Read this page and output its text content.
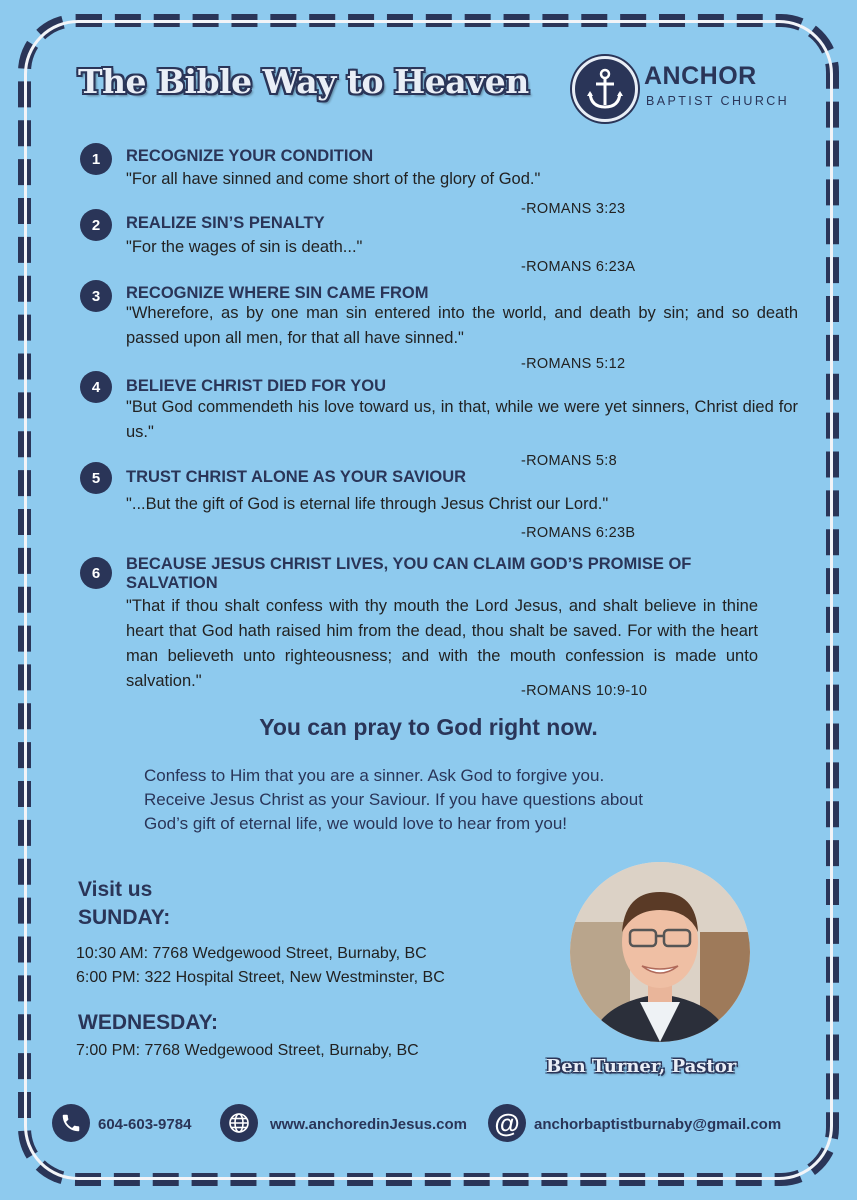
The Bible Way to Heaven	ANCHOR
BAPTIST CHURCH
1	RECOGNIZE YOUR CONDITION
"For all have sinned and come short of the glory of God."
-ROMANS 3:23
2	REALIZE SIN’S PENALTY
"For the wages of sin is death..."
-ROMANS 6:23A
3	RECOGNIZE WHERE SIN CAME FROM
"Wherefore, as by one man sin entered into the world, and death by sin; and so death passed upon all men, for that all have sinned."
-ROMANS 5:12
4	BELIEVE CHRIST DIED FOR YOU
"But God commendeth his love toward us, in that, while we were yet sinners, Christ died for us."
-ROMANS 5:8
5	TRUST CHRIST ALONE AS YOUR SAVIOUR
"...But the gift of God is eternal life through Jesus Christ our Lord."
-ROMANS 6:23B
6	BECAUSE JESUS CHRIST LIVES, YOU CAN CLAIM GOD’S PROMISE OF SALVATION
"That if thou shalt confess with thy mouth the Lord Jesus, and shalt believe in thine heart that God hath raised him from the dead, thou shalt be saved. For with the heart man believeth unto righteousness; and with the mouth confession is made unto salvation."
-ROMANS 10:9-10
You can pray to God right now.
Confess to Him that you are a sinner. Ask God to forgive you.
Receive Jesus Christ as your Saviour. If you have questions about
God’s gift of eternal life, we would love to hear from you!
Visit us
SUNDAY:
10:30 AM: 7768 Wedgewood Street, Burnaby, BC
6:00 PM: 322 Hospital Street, New Westminster, BC
WEDNESDAY:
7:00 PM: 7768 Wedgewood Street, Burnaby, BC
Ben Turner, Pastor
604-603-9784	www.anchoredinJesus.com @ anchorbaptistburnaby@gmail.com
